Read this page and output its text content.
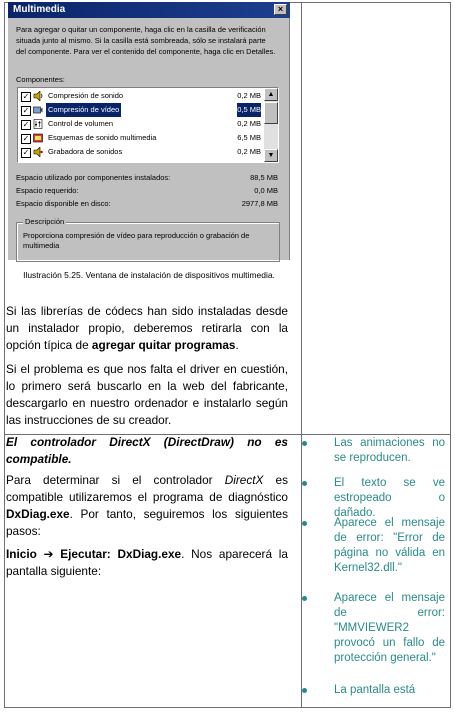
Multimedia	×
Para agregar o quitar un componente, haga clic en la casilla de verificación situada junto al mismo. Si la casilla está sombreada, sólo se instalará parte del componente. Para ver el contenido del componente, haga clic en Detalles.
Componentes:
✓ Compresión de sonido	0,2 MB
✓ Compresión de vídeo	0,5 MB
✓ Control de volumen	0,2 MB
✓ Esquemas de sonido multimedia	6,5 MB
✓ Grabadora de sonidos	0,2 MB
▲
▼
Espacio utilizado por componentes instalados:	88,5 MB
Espacio requerido:	0,0 MB
Espacio disponible en disco:	2977,8 MB
Descripción
Proporciona compresión de vídeo para reproducción o grabación de multimedia
Ilustración 5.25. Ventana de instalación de dispositivos multimedia.
Si las librerías de códecs han sido instaladas desde un instalador propio, deberemos retirarla con la opción típica de agregar quitar programas.
Si el problema es que nos falta el driver en cuestión, lo primero será buscarlo en la web del fabricante, descargarlo en nuestro ordenador e instalarlo según las instrucciones de su creador.
El controlador DirectX (DirectDraw) no es compatible.
Para determinar si el controlador DirectX es compatible utilizaremos el programa de diagnóstico DxDiag.exe. Por tanto, seguiremos los siguientes pasos:
Inicio ➔ Ejecutar: DxDiag.exe. Nos aparecerá la pantalla siguiente:
Las animaciones no se reproducen.
El texto se ve estropeado o dañado.
Aparece el mensaje de error: "Error de página no válida en Kernel32.dll."
Aparece el mensaje de error: "MMVIEWER2 provocó un fallo de protección general."
La pantalla está
